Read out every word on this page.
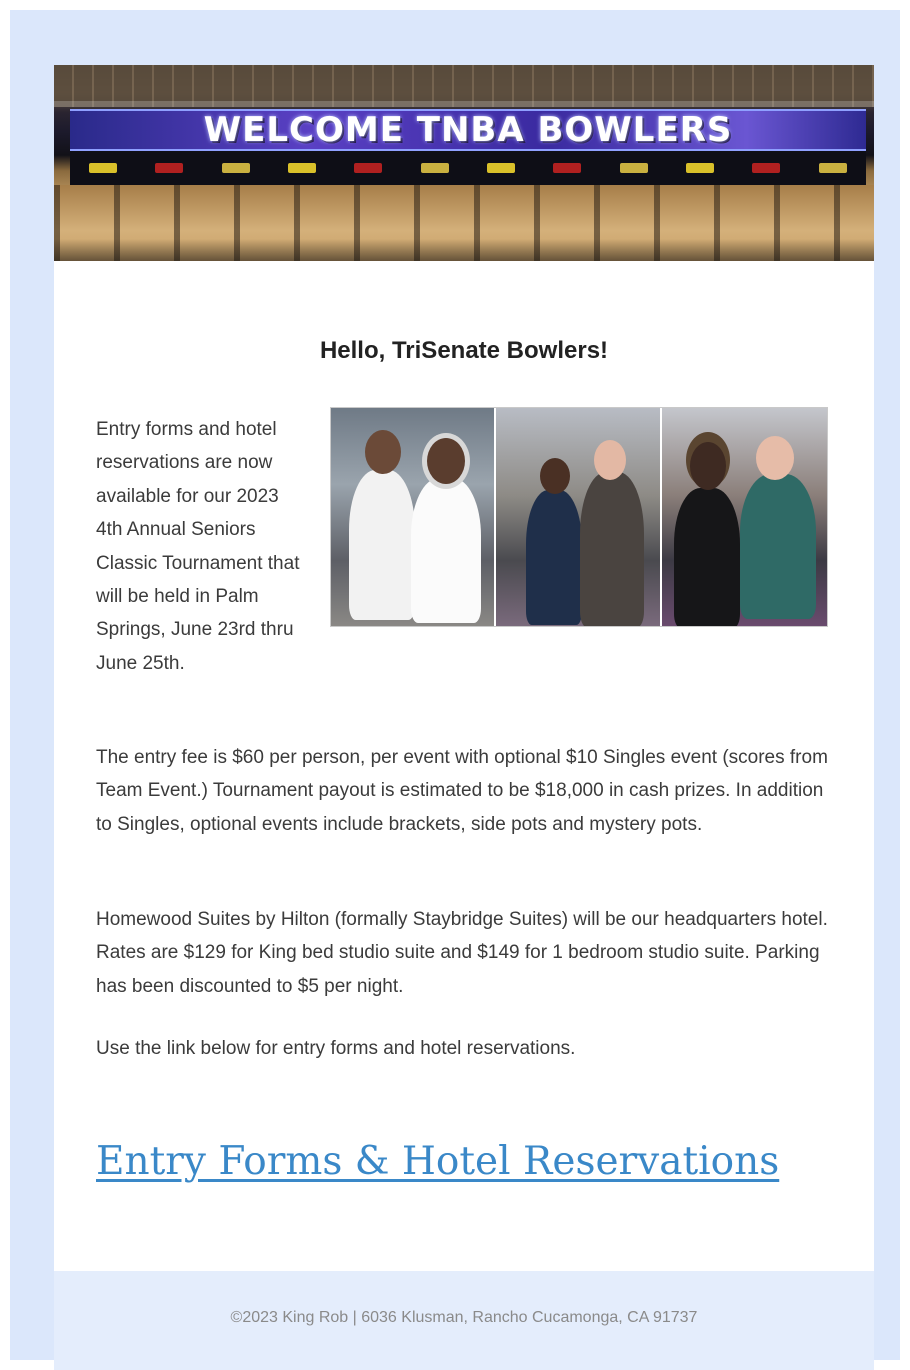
WELCOME TNBA BOWLERS
Hello, TriSenate Bowlers!

Entry forms and hotel reservations are now available for our 2023 4th Annual Seniors Classic Tournament that will be held in Palm Springs, June 23rd thru June 25th.

The entry fee is $60 per person, per event with optional $10 Singles event (scores from Team Event.) Tournament payout is estimated to be $18,000 in cash prizes. In addition to Singles, optional events include brackets, side pots and mystery pots.

Homewood Suites by Hilton (formally Staybridge Suites) will be our headquarters hotel. Rates are $129 for King bed studio suite and $149 for 1 bedroom studio suite. Parking has been discounted to $5 per night.

Use the link below for entry forms and hotel reservations.

Entry Forms & Hotel Reservations
©2023 King Rob | 6036 Klusman, Rancho Cucamonga, CA 91737
